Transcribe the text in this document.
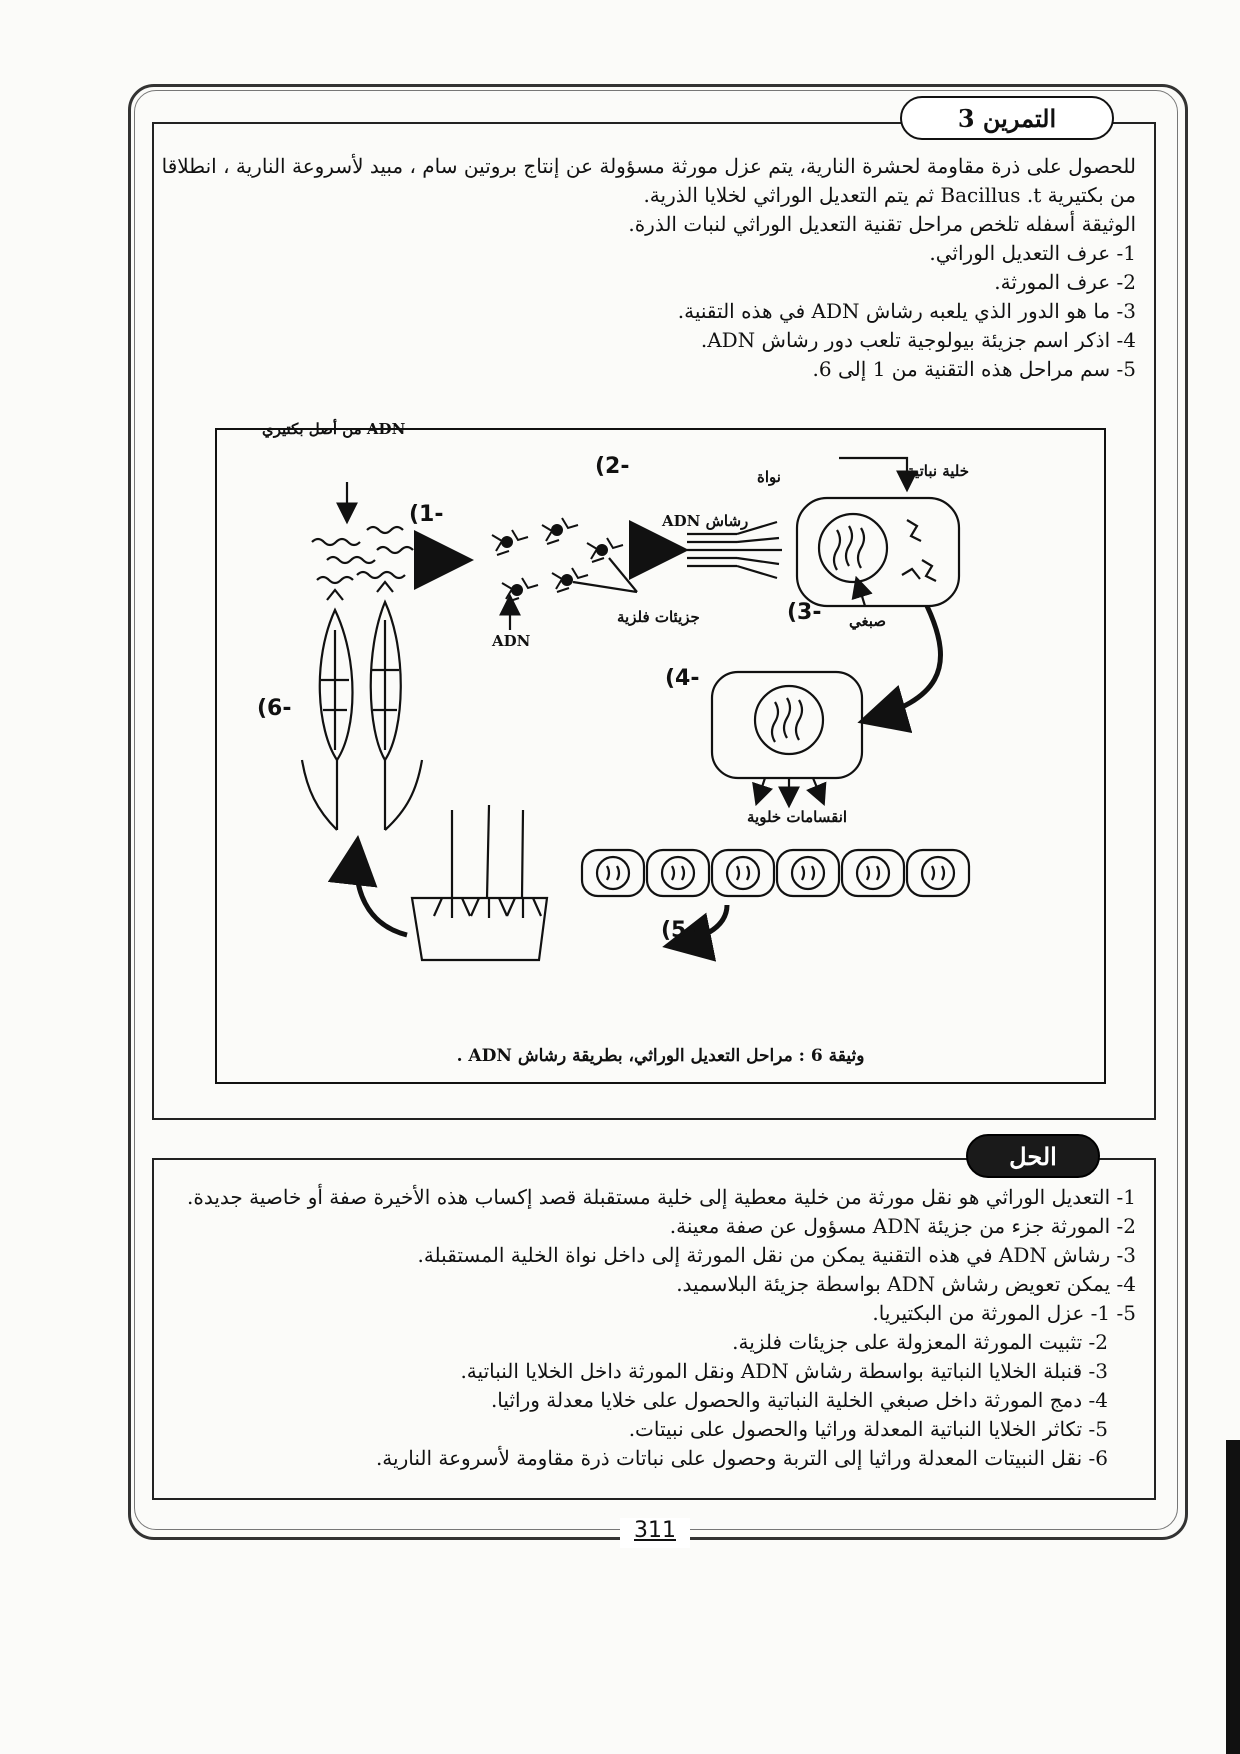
التمرين 3

للحصول على ذرة مقاومة لحشرة النارية، يتم عزل مورثة مسؤولة عن إنتاج بروتين سام ، مبيد لأسروعة النارية ، انطلاقا من بكتيرية Bacillus .t ثم يتم التعديل الوراثي لخلايا الذرية.

الوثيقة أسفله تلخص مراحل تقنية التعديل الوراثي لنبات الذرة.

1- عرف التعديل الوراثي.

2- عرف المورثة.

3- ما هو الدور الذي يلعبه رشاش ADN في هذه التقنية.

4- اذكر اسم جزيئة بيولوجية تلعب دور رشاش ADN.

5- سم مراحل هذه التقنية من 1 إلى 6.

ADN من أصل بكتيري
جزيئات فلزية
ADN
رشاش ADN
نواة	خلية نباتية
صبغي
انقسامات خلوية
(1-
(2-
(3-
(4-
(5-
(6-
وثيقة 6 : مراحل التعديل الوراثي، بطريقة رشاش ADN .
الحل

1- التعديل الوراثي هو نقل مورثة من خلية معطية إلى خلية مستقبلة قصد إكساب هذه الأخيرة صفة أو خاصية جديدة.

2- المورثة جزء من جزيئة ADN مسؤول عن صفة معينة.

3- رشاش ADN في هذه التقنية يمكن من نقل المورثة إلى داخل نواة الخلية المستقبلة.

4- يمكن تعويض رشاش ADN بواسطة جزيئة البلاسميد.

5- 1- عزل المورثة من البكتيريا.

2- تثبيت المورثة المعزولة على جزيئات فلزية.

3- قنبلة الخلايا النباتية بواسطة رشاش ADN ونقل المورثة داخل الخلايا النباتية.

4- دمج المورثة داخل صبغي الخلية النباتية والحصول على خلايا معدلة وراثيا.

5- تكاثر الخلايا النباتية المعدلة وراثيا والحصول على نبيتات.

6- نقل النبيتات المعدلة وراثيا إلى التربة وحصول على نباتات ذرة مقاومة لأسروعة النارية.

311
